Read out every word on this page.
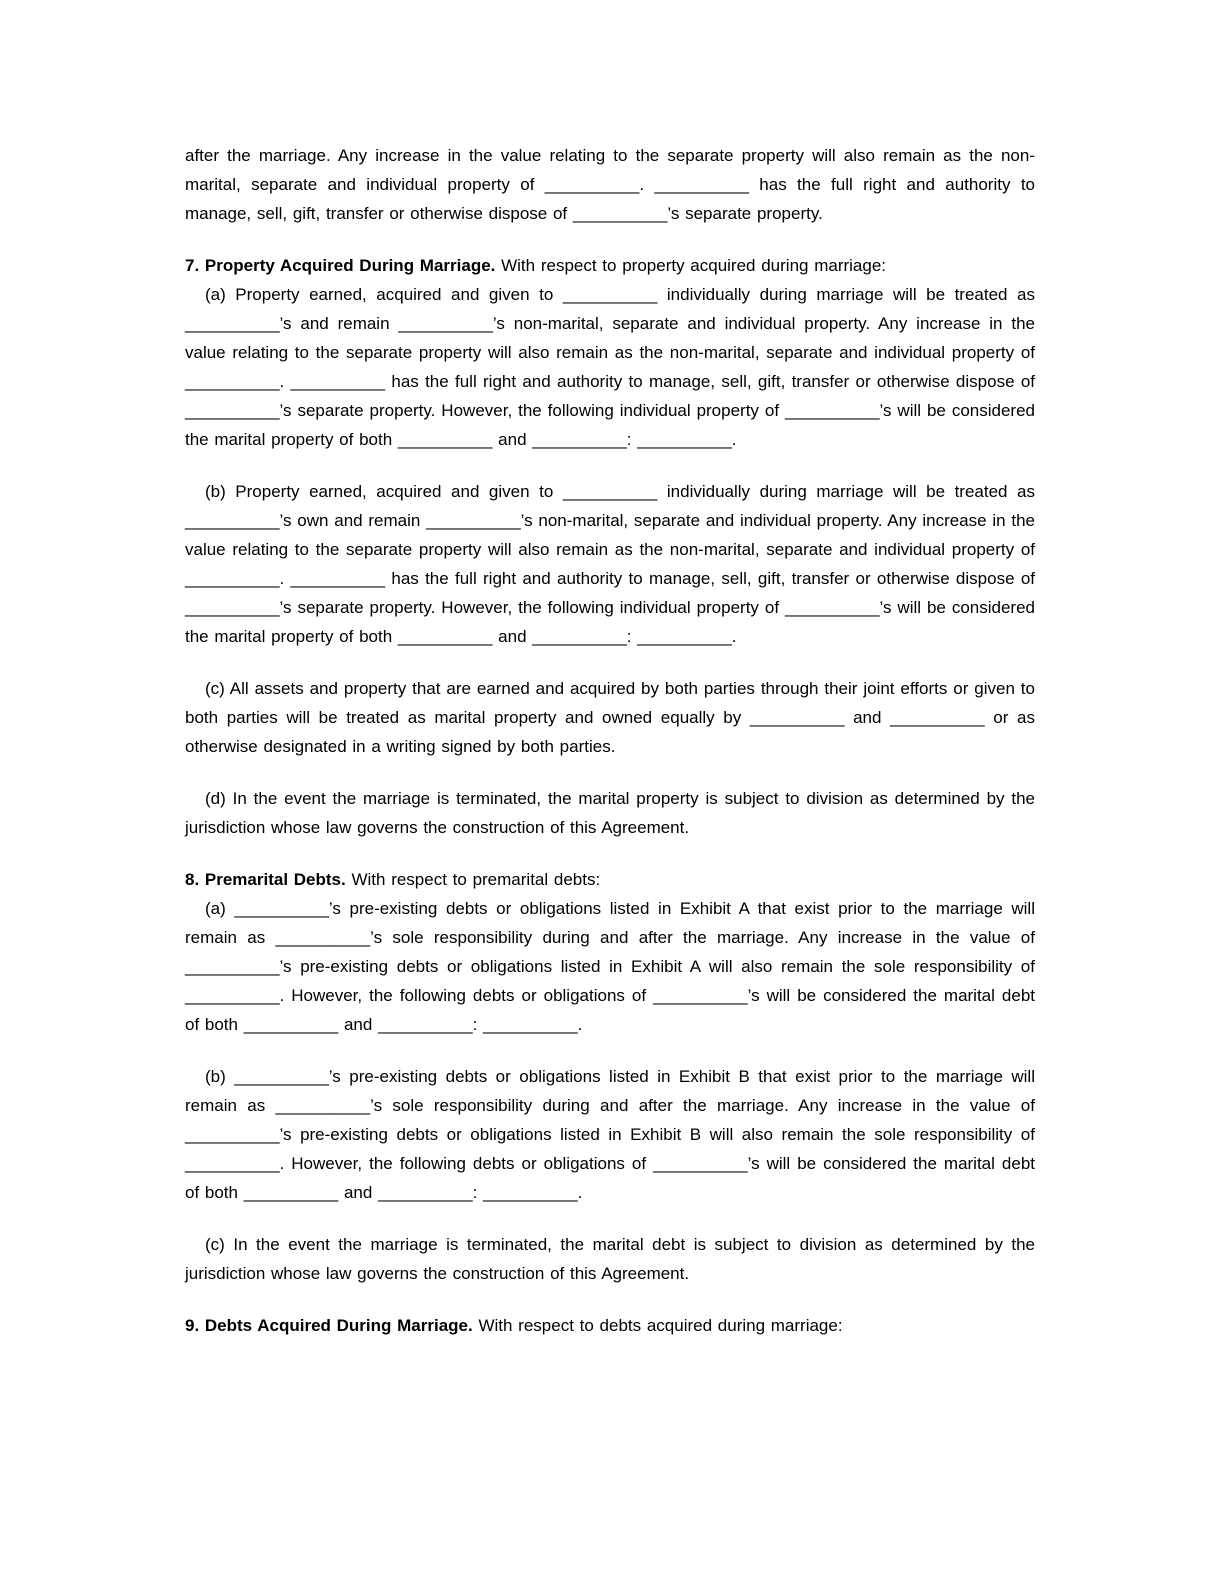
after the marriage. Any increase in the value relating to the separate property will also remain as the non-marital, separate and individual property of __________. __________ has the full right and authority to manage, sell, gift, transfer or otherwise dispose of __________’s separate property.

7. Property Acquired During Marriage. With respect to property acquired during marriage:

(a) Property earned, acquired and given to __________ individually during marriage will be treated as __________’s and remain __________’s non-marital, separate and individual property. Any increase in the value relating to the separate property will also remain as the non-marital, separate and individual property of __________. __________ has the full right and authority to manage, sell, gift, transfer or otherwise dispose of __________’s separate property. However, the following individual property of __________’s will be considered the marital property of both __________ and __________: __________.

(b) Property earned, acquired and given to __________ individually during marriage will be treated as __________’s own and remain __________’s non-marital, separate and individual property. Any increase in the value relating to the separate property will also remain as the non-marital, separate and individual property of __________. __________ has the full right and authority to manage, sell, gift, transfer or otherwise dispose of __________’s separate property. However, the following individual property of __________’s will be considered the marital property of both __________ and __________: __________.

(c) All assets and property that are earned and acquired by both parties through their joint efforts or given to both parties will be treated as marital property and owned equally by __________ and __________ or as otherwise designated in a writing signed by both parties.

(d) In the event the marriage is terminated, the marital property is subject to division as determined by the jurisdiction whose law governs the construction of this Agreement.

8. Premarital Debts. With respect to premarital debts:

(a) __________’s pre-existing debts or obligations listed in Exhibit A that exist prior to the marriage will remain as __________’s sole responsibility during and after the marriage. Any increase in the value of __________’s pre-existing debts or obligations listed in Exhibit A will also remain the sole responsibility of __________. However, the following debts or obligations of __________’s will be considered the marital debt of both __________ and __________: __________.

(b) __________’s pre-existing debts or obligations listed in Exhibit B that exist prior to the marriage will remain as __________’s sole responsibility during and after the marriage. Any increase in the value of __________’s pre-existing debts or obligations listed in Exhibit B will also remain the sole responsibility of __________. However, the following debts or obligations of __________’s will be considered the marital debt of both __________ and __________: __________.

(c) In the event the marriage is terminated, the marital debt is subject to division as determined by the jurisdiction whose law governs the construction of this Agreement.

9. Debts Acquired During Marriage. With respect to debts acquired during marriage:
